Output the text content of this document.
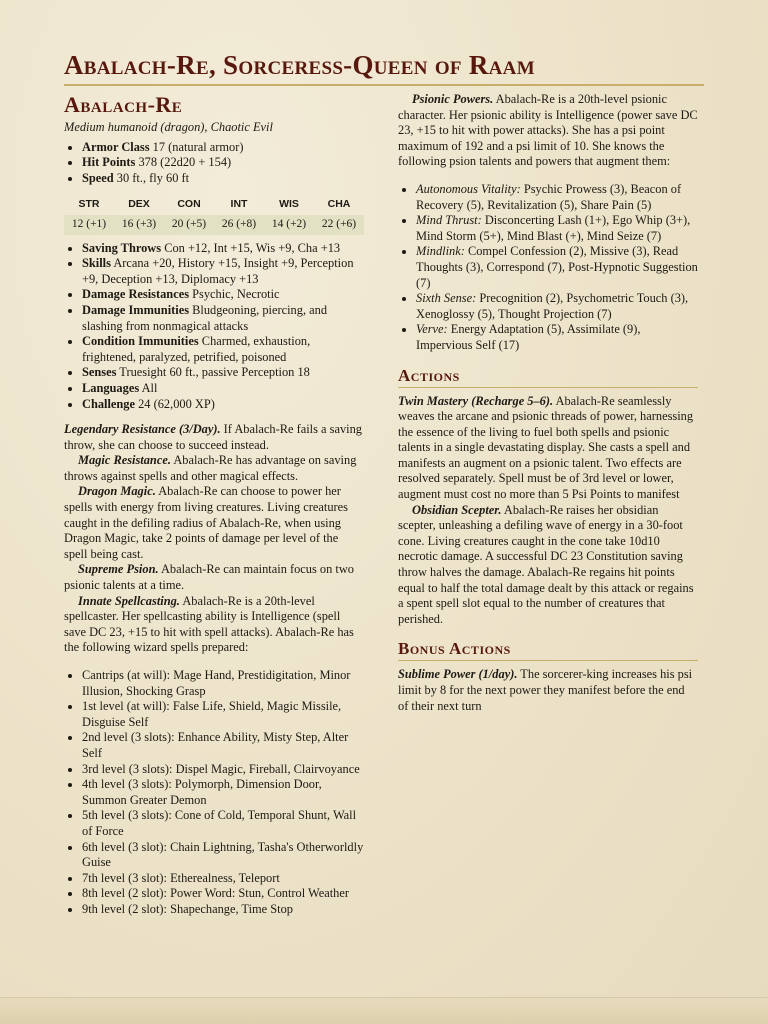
Abalach-Re, Sorceress-Queen of Raam
Abalach-Re
Medium humanoid (dragon), Chaotic Evil
• Armor Class 17 (natural armor)
• Hit Points 378 (22d20 + 154)
• Speed 30 ft., fly 60 ft
STR	DEX	CON	INT	WIS	CHA
12 (+1)	16 (+3)	20 (+5)	26 (+8)	14 (+2)	22 (+6)
• Saving Throws Con +12, Int +15, Wis +9, Cha +13
• Skills Arcana +20, History +15, Insight +9, Perception +9, Deception +13, Diplomacy +13
• Damage Resistances Psychic, Necrotic
• Damage Immunities Bludgeoning, piercing, and slashing from nonmagical attacks
• Condition Immunities Charmed, exhaustion, frightened, paralyzed, petrified, poisoned
• Senses Truesight 60 ft., passive Perception 18
• Languages All
• Challenge 24 (62,000 XP)

Legendary Resistance (3/Day). If Abalach-Re fails a saving throw, she can choose to succeed instead.

Magic Resistance. Abalach-Re has advantage on saving throws against spells and other magical effects.

Dragon Magic. Abalach-Re can choose to power her spells with energy from living creatures. Living creatures caught in the defiling radius of Abalach-Re, when using Dragon Magic, take 2 points of damage per level of the spell being cast.

Supreme Psion. Abalach-Re can maintain focus on two psionic talents at a time.

Innate Spellcasting. Abalach-Re is a 20th-level spellcaster. Her spellcasting ability is Intelligence (spell save DC 23, +15 to hit with spell attacks). Abalach-Re has the following wizard spells prepared:

• Cantrips (at will): Mage Hand, Prestidigitation, Minor Illusion, Shocking Grasp
• 1st level (at will): False Life, Shield, Magic Missile, Disguise Self
• 2nd level (3 slots): Enhance Ability, Misty Step, Alter Self
• 3rd level (3 slots): Dispel Magic, Fireball, Clairvoyance
• 4th level (3 slots): Polymorph, Dimension Door, Summon Greater Demon
• 5th level (3 slots): Cone of Cold, Temporal Shunt, Wall of Force
• 6th level (3 slot): Chain Lightning, Tasha's Otherworldly Guise
• 7th level (3 slot): Etherealness, Teleport
• 8th level (2 slot): Power Word: Stun, Control Weather
• 9th level (2 slot): Shapechange, Time Stop

Psionic Powers. Abalach-Re is a 20th-level psionic character. Her psionic ability is Intelligence (power save DC 23, +15 to hit with power attacks). She has a psi point maximum of 192 and a psi limit of 10. She knows the following psion talents and powers that augment them:

• Autonomous Vitality: Psychic Prowess (3), Beacon of Recovery (5), Revitalization (5), Share Pain (5)
• Mind Thrust: Disconcerting Lash (1+), Ego Whip (3+), Mind Storm (5+), Mind Blast (+), Mind Seize (7)
• Mindlink: Compel Confession (2), Missive (3), Read Thoughts (3), Correspond (7), Post-Hypnotic Suggestion (7)
• Sixth Sense: Precognition (2), Psychometric Touch (3), Xenoglossy (5), Thought Projection (7)
• Verve: Energy Adaptation (5), Assimilate (9), Impervious Self (17)
Actions

Twin Mastery (Recharge 5–6). Abalach-Re seamlessly weaves the arcane and psionic threads of power, harnessing the essence of the living to fuel both spells and psionic talents in a single devastating display. She casts a spell and manifests an augment on a psionic talent. Two effects are resolved separately. Spell must be of 3rd level or lower, augment must cost no more than 5 Psi Points to manifest

Obsidian Scepter. Abalach-Re raises her obsidian scepter, unleashing a defiling wave of energy in a 30-foot cone. Living creatures caught in the cone take 10d10 necrotic damage. A successful DC 23 Constitution saving throw halves the damage. Abalach-Re regains hit points equal to half the total damage dealt by this attack or regains a spent spell slot equal to the number of creatures that perished.

Bonus Actions

Sublime Power (1/day). The sorcerer-king increases his psi limit by 8 for the next power they manifest before the end of their next turn
